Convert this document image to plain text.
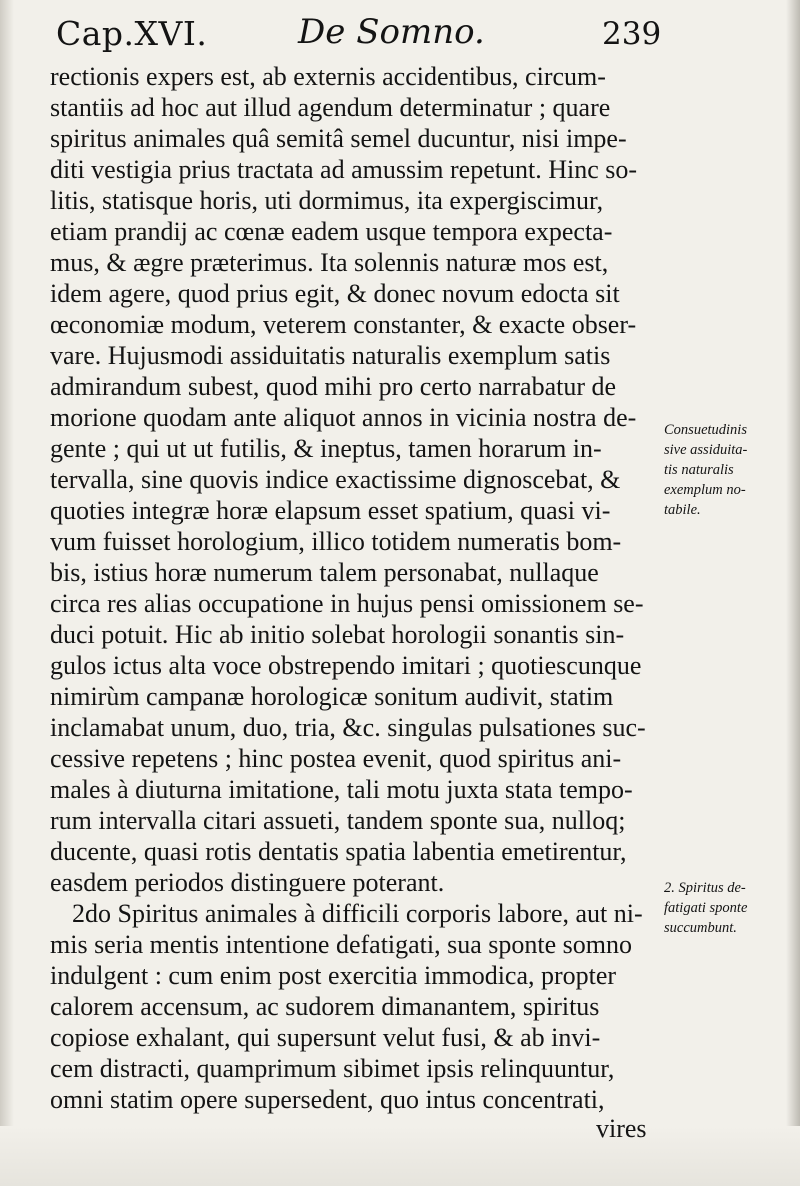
Cap.XVI.	De Somno.	239
rectionis expers est, ab externis accidentibus, circum-
stantiis ad hoc aut illud agendum determinatur ; quare
spiritus animales quâ semitâ semel ducuntur, nisi impe-
diti vestigia prius tractata ad amussim repetunt. Hinc so-
litis, statisque horis, uti dormimus, ita expergiscimur,
etiam prandij ac cœnæ eadem usque tempora expecta-
mus, & ægre præterimus. Ita solennis naturæ mos est,
idem agere, quod prius egit, & donec novum edocta sit
œconomiæ modum, veterem constanter, & exacte obser-
vare. Hujusmodi assiduitatis naturalis exemplum satis
admirandum subest, quod mihi pro certo narrabatur de
morione quodam ante aliquot annos in vicinia nostra de-
gente ; qui ut ut futilis, & ineptus, tamen horarum in-
tervalla, sine quovis indice exactissime dignoscebat, &
quoties integræ horæ elapsum esset spatium, quasi vi-
vum fuisset horologium, illico totidem numeratis bom-
bis, istius horæ numerum talem personabat, nullaque
circa res alias occupatione in hujus pensi omissionem se-
duci potuit. Hic ab initio solebat horologii sonantis sin-
gulos ictus alta voce obstrependo imitari ; quotiescunque
nimirùm campanæ horologicæ sonitum audivit, statim
inclamabat unum, duo, tria, &c. singulas pulsationes suc-
cessive repetens ; hinc postea evenit, quod spiritus ani-
males à diuturna imitatione, tali motu juxta stata tempo-
rum intervalla citari assueti, tandem sponte sua, nulloq;
ducente, quasi rotis dentatis spatia labentia emetirentur,
easdem periodos distinguere poterant.
2do Spiritus animales à difficili corporis labore, aut ni-
mis seria mentis intentione defatigati, sua sponte somno
indulgent : cum enim post exercitia immodica, propter
calorem accensum, ac sudorem dimanantem, spiritus
copiose exhalant, qui supersunt velut fusi, & ab invi-
cem distracti, quamprimum sibimet ipsis relinquuntur,
omni statim opere supersedent, quo intus concentrati,
vires
Consuetudinis
sive assiduita-
tis naturalis
exemplum no-
tabile.
2. Spiritus de-
fatigati sponte
succumbunt.
